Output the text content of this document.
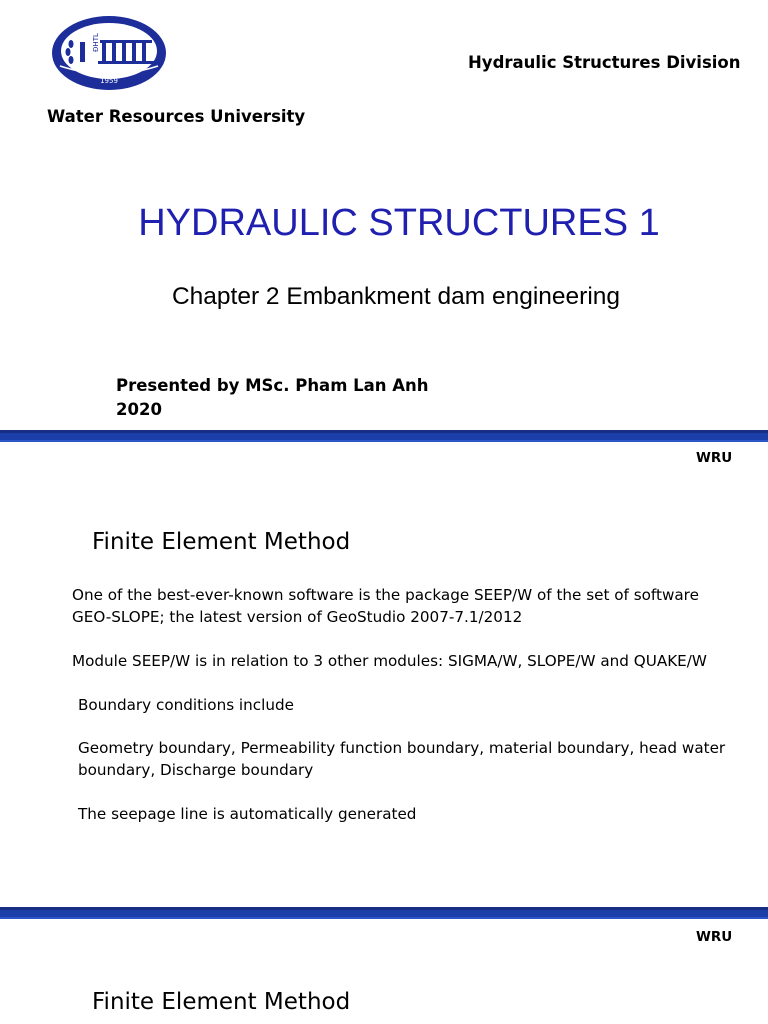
ĐHTL
1959
Hydraulic Structures Division
Water Resources University
HYDRAULIC STRUCTURES 1
Chapter 2 Embankment dam engineering
Presented by MSc. Pham Lan Anh
2020
WRU
Finite Element Method
One of the best-ever-known software is the package SEEP/W of the set of software GEO-SLOPE; the latest version of GeoStudio 2007-7.1/2012
Module SEEP/W is in relation to 3 other modules: SIGMA/W, SLOPE/W and QUAKE/W
Boundary conditions include
Geometry boundary, Permeability function boundary, material boundary, head water boundary, Discharge boundary
The seepage line is automatically generated
WRU
Finite Element Method
